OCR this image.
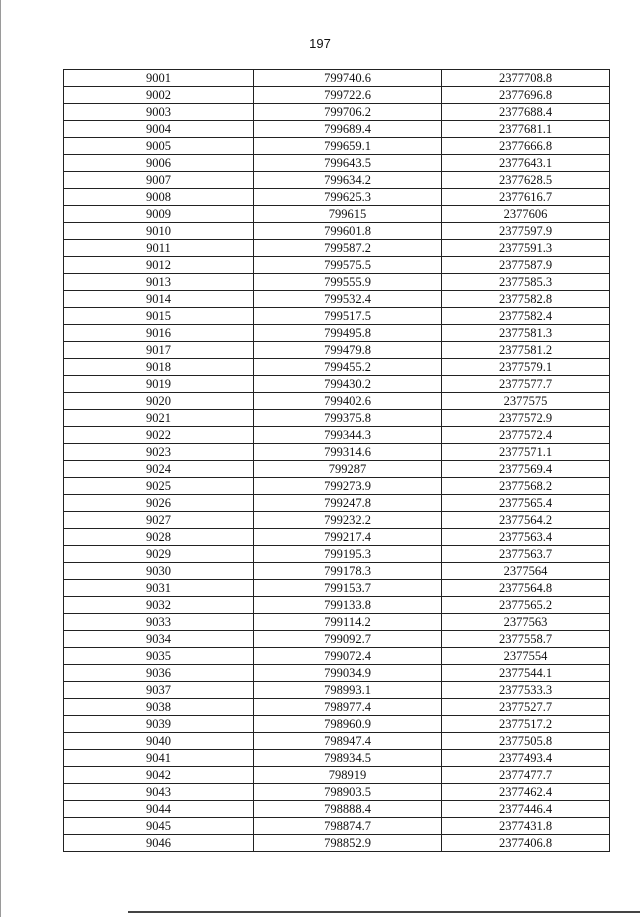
197
9001	799740.6	2377708.8
9002	799722.6	2377696.8
9003	799706.2	2377688.4
9004	799689.4	2377681.1
9005	799659.1	2377666.8
9006	799643.5	2377643.1
9007	799634.2	2377628.5
9008	799625.3	2377616.7
9009	799615	2377606
9010	799601.8	2377597.9
9011	799587.2	2377591.3
9012	799575.5	2377587.9
9013	799555.9	2377585.3
9014	799532.4	2377582.8
9015	799517.5	2377582.4
9016	799495.8	2377581.3
9017	799479.8	2377581.2
9018	799455.2	2377579.1
9019	799430.2	2377577.7
9020	799402.6	2377575
9021	799375.8	2377572.9
9022	799344.3	2377572.4
9023	799314.6	2377571.1
9024	799287	2377569.4
9025	799273.9	2377568.2
9026	799247.8	2377565.4
9027	799232.2	2377564.2
9028	799217.4	2377563.4
9029	799195.3	2377563.7
9030	799178.3	2377564
9031	799153.7	2377564.8
9032	799133.8	2377565.2
9033	799114.2	2377563
9034	799092.7	2377558.7
9035	799072.4	2377554
9036	799034.9	2377544.1
9037	798993.1	2377533.3
9038	798977.4	2377527.7
9039	798960.9	2377517.2
9040	798947.4	2377505.8
9041	798934.5	2377493.4
9042	798919	2377477.7
9043	798903.5	2377462.4
9044	798888.4	2377446.4
9045	798874.7	2377431.8
9046	798852.9	2377406.8
